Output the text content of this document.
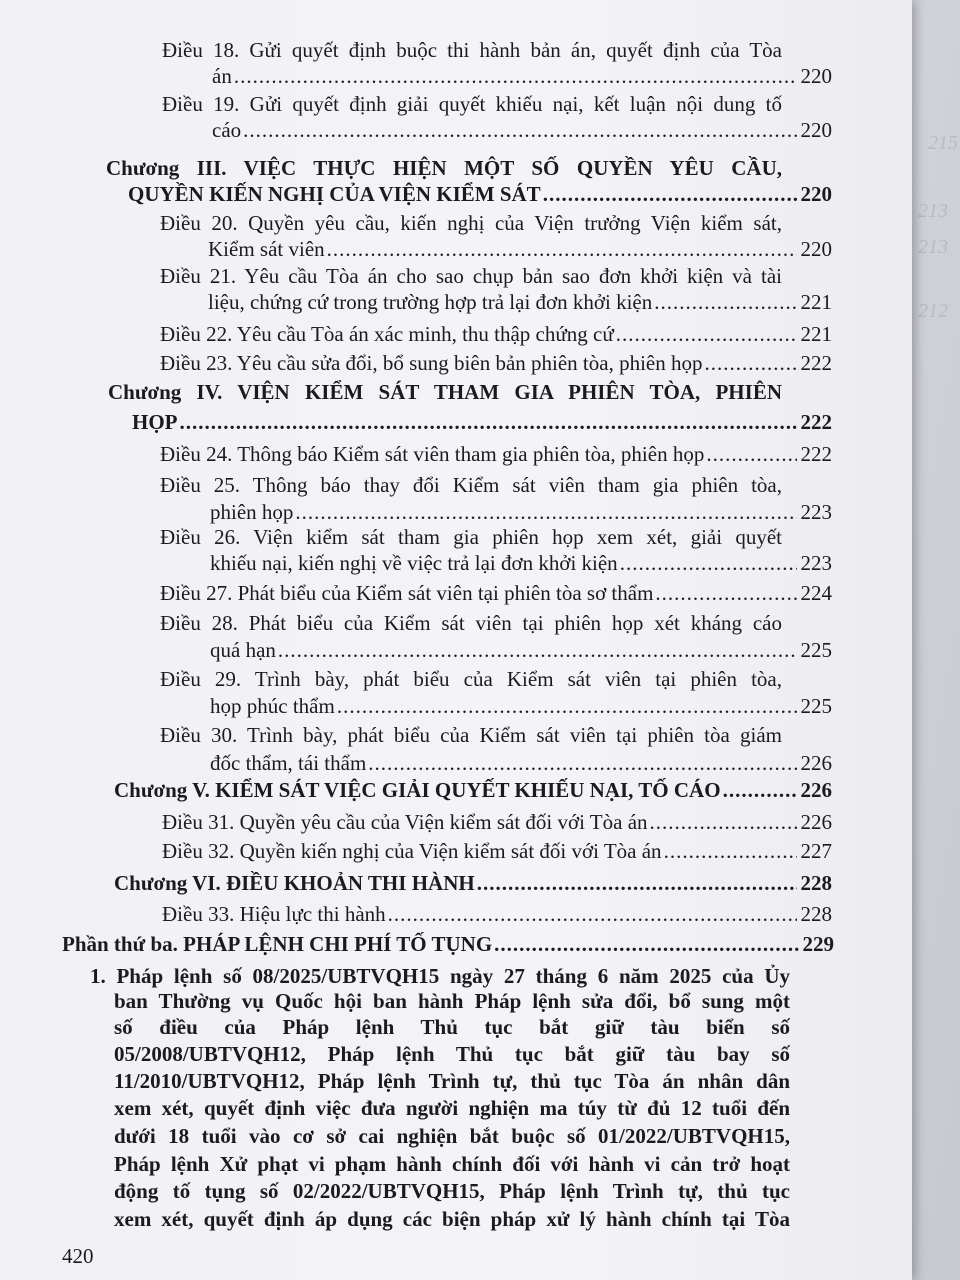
215
213
213
212
Điều 18. Gửi quyết định buộc thi hành bản án, quyết định của Tòa
án .....	220
Điều 19. Gửi quyết định giải quyết khiếu nại, kết luận nội dung tố
cáo .....	220
Chương III. VIỆC THỰC HIỆN MỘT SỐ QUYỀN YÊU CẦU,
QUYỀN KIẾN NGHỊ CỦA VIỆN KIỂM SÁT .....	220
Điều 20. Quyền yêu cầu, kiến nghị của Viện trưởng Viện kiểm sát,
Kiểm sát viên .....	220
Điều 21. Yêu cầu Tòa án cho sao chụp bản sao đơn khởi kiện và tài
liệu, chứng cứ trong trường hợp trả lại đơn khởi kiện .....	221
Điều 22. Yêu cầu Tòa án xác minh, thu thập chứng cứ .....	221
Điều 23. Yêu cầu sửa đổi, bổ sung biên bản phiên tòa, phiên họp .....	222
Chương IV. VIỆN KIỂM SÁT THAM GIA PHIÊN TÒA, PHIÊN
HỌP .....	222
Điều 24. Thông báo Kiểm sát viên tham gia phiên tòa, phiên họp .....	222
Điều 25. Thông báo thay đổi Kiểm sát viên tham gia phiên tòa,
phiên họp .....	223
Điều 26. Viện kiểm sát tham gia phiên họp xem xét, giải quyết
khiếu nại, kiến nghị về việc trả lại đơn khởi kiện .....	223
Điều 27. Phát biểu của Kiểm sát viên tại phiên tòa sơ thẩm .....	224
Điều 28. Phát biểu của Kiểm sát viên tại phiên họp xét kháng cáo
quá hạn .....	225
Điều 29. Trình bày, phát biểu của Kiểm sát viên tại phiên tòa,
họp phúc thẩm .....	225
Điều 30. Trình bày, phát biểu của Kiểm sát viên tại phiên tòa giám
đốc thẩm, tái thẩm .....	226
Chương V. KIỂM SÁT VIỆC GIẢI QUYẾT KHIẾU NẠI, TỐ CÁO .....	226
Điều 31. Quyền yêu cầu của Viện kiểm sát đối với Tòa án .....	226
Điều 32. Quyền kiến nghị của Viện kiểm sát đối với Tòa án .....	227
Chương VI. ĐIỀU KHOẢN THI HÀNH .....	228
Điều 33. Hiệu lực thi hành .....	228
Phần thứ ba. PHÁP LỆNH CHI PHÍ TỐ TỤNG .....	229
1. Pháp lệnh số 08/2025/UBTVQH15 ngày 27 tháng 6 năm 2025 của Ủy
ban Thường vụ Quốc hội ban hành Pháp lệnh sửa đổi, bổ sung một
số điều của Pháp lệnh Thủ tục bắt giữ tàu biển số
05/2008/UBTVQH12, Pháp lệnh Thủ tục bắt giữ tàu bay số
11/2010/UBTVQH12, Pháp lệnh Trình tự, thủ tục Tòa án nhân dân
xem xét, quyết định việc đưa người nghiện ma túy từ đủ 12 tuổi đến
dưới 18 tuổi vào cơ sở cai nghiện bắt buộc số 01/2022/UBTVQH15,
Pháp lệnh Xử phạt vi phạm hành chính đối với hành vi cản trở hoạt
động tố tụng số 02/2022/UBTVQH15, Pháp lệnh Trình tự, thủ tục
xem xét, quyết định áp dụng các biện pháp xử lý hành chính tại Tòa
420
